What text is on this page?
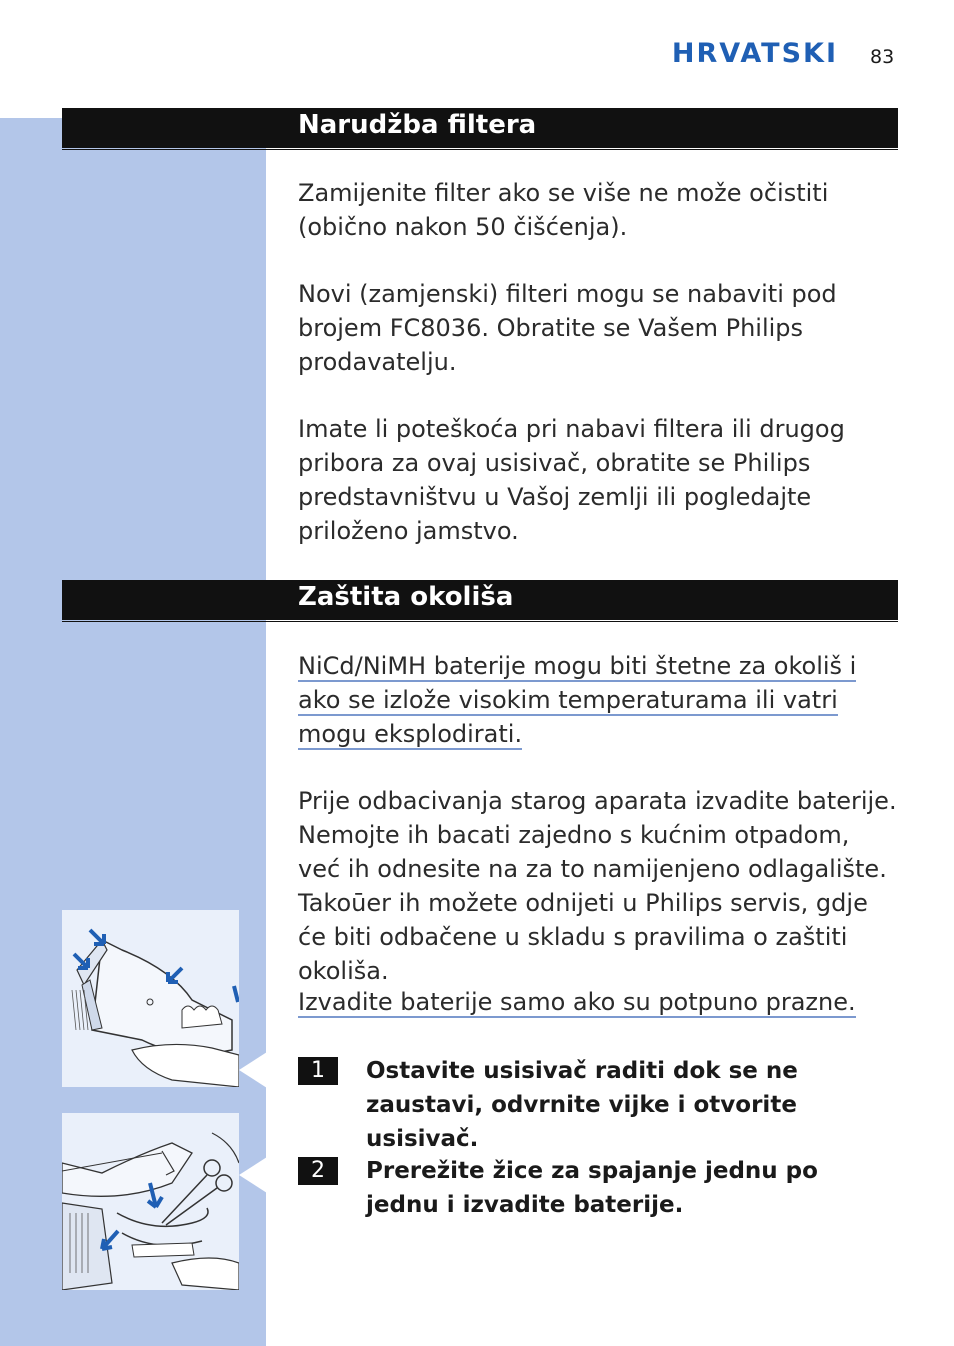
HRVATSKI 83
Narudžba filtera
Zamijenite filter ako se više ne može očistiti (obično nakon 50 čišćenja).
Novi (zamjenski) filteri mogu se nabaviti pod brojem FC8036. Obratite se Vašem Philips prodavatelju.
Imate li poteškoća pri nabavi filtera ili drugog pribora za ovaj usisivač, obratite se Philips predstavništvu u Vašoj zemlji ili pogledajte priloženo jamstvo.
Zaštita okoliša
NiCd/NiMH baterije mogu biti štetne za okoliš i
ako se izlože visokim temperaturama ili vatri
mogu eksplodirati.
Prije odbacivanja starog aparata izvadite baterije. Nemojte ih bacati zajedno s kućnim otpadom, već ih odnesite na za to namijenjeno odlagalište. Takoūer ih možete odnijeti u Philips servis, gdje će biti odbačene u skladu s pravilima o zaštiti okoliša.
Izvadite baterije samo ako su potpuno prazne.
1	Ostavite usisivač raditi dok se ne zaustavi, odvrnite vijke i otvorite usisivač.
2	Prerežite žice za spajanje jednu po jednu i izvadite baterije.
